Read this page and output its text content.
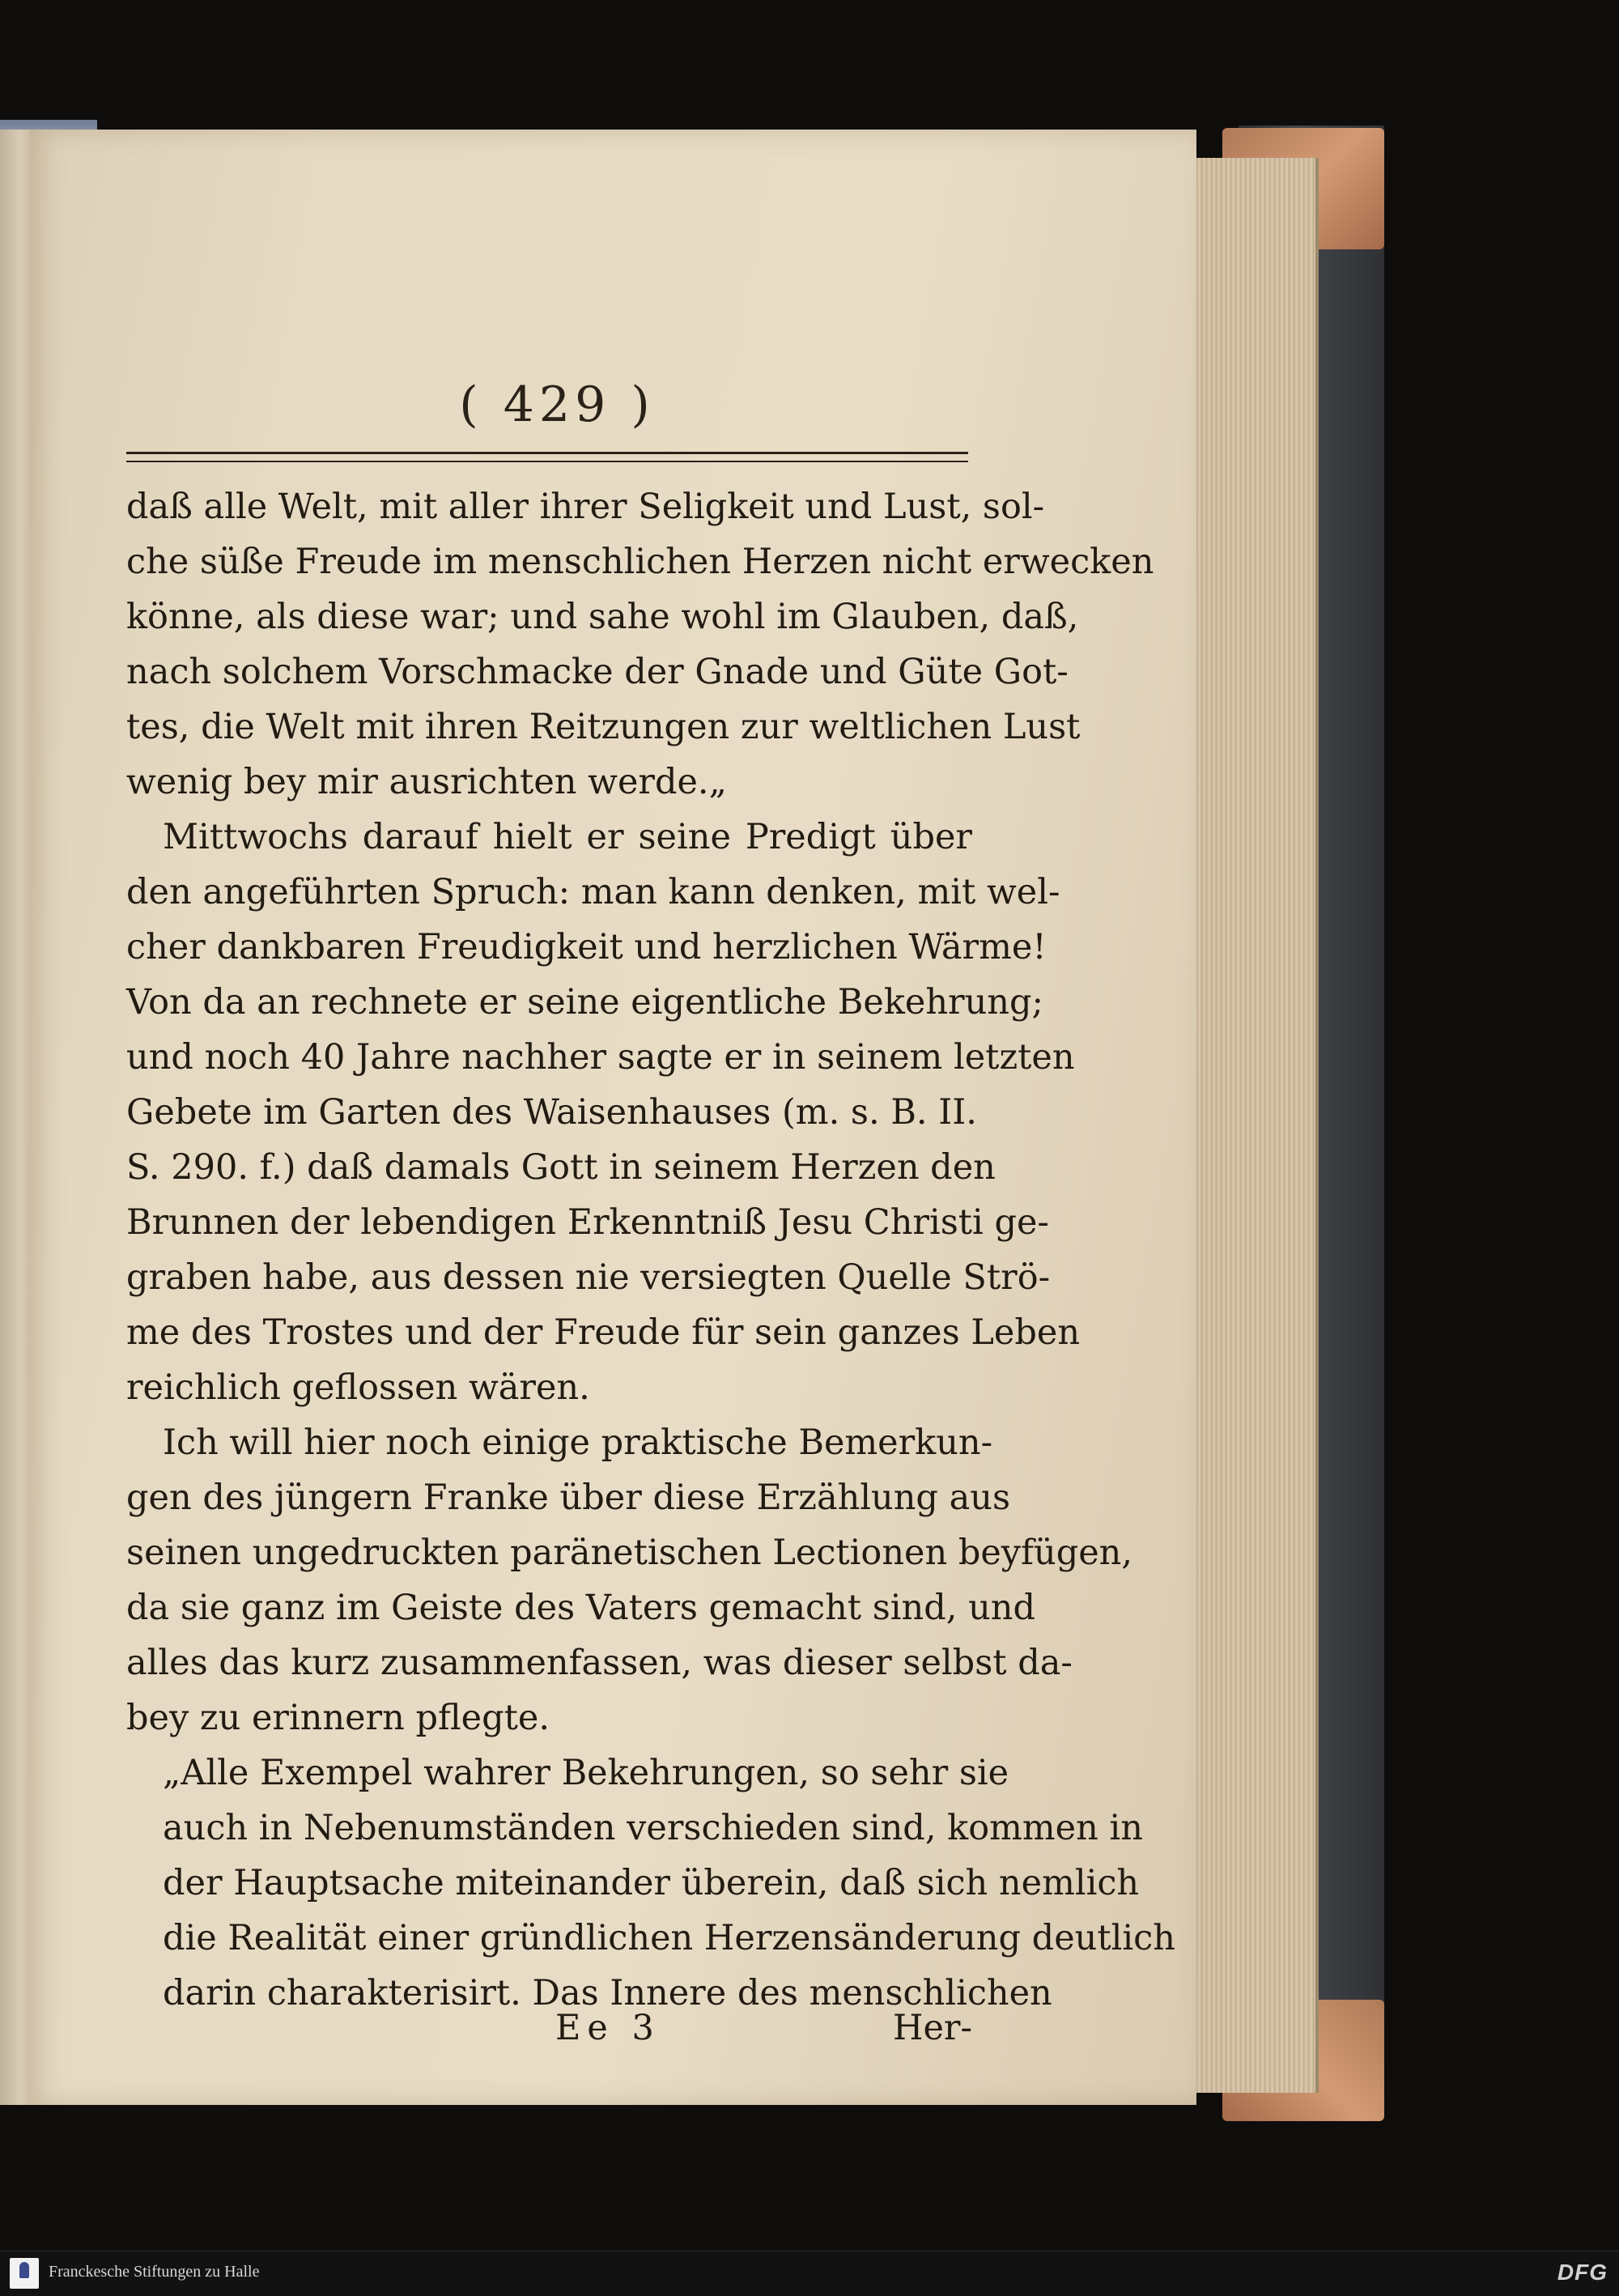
( 429 )
daß alle Welt, mit aller ihrer Seligkeit und Lust, sol-
che süße Freude im menschlichen Herzen nicht erwecken
könne, als diese war; und sahe wohl im Glauben, daß,
nach solchem Vorschmacke der Gnade und Güte Got-
tes, die Welt mit ihren Reitzungen zur weltlichen Lust
wenig bey mir ausrichten werde.„
Mittwochs darauf hielt er seine Predigt über
den angeführten Spruch: man kann denken, mit wel-
cher dankbaren Freudigkeit und herzlichen Wärme!
Von da an rechnete er seine eigentliche Bekehrung;
und noch 40 Jahre nachher sagte er in seinem letzten
Gebete im Garten des Waisenhauses (m. s. B. II.
S. 290. f.) daß damals Gott in seinem Herzen den
Brunnen der lebendigen Erkenntniß Jesu Christi ge-
graben habe, aus dessen nie versiegten Quelle Strö-
me des Trostes und der Freude für sein ganzes Leben
reichlich geflossen wären.
Ich will hier noch einige praktische Bemerkun-
gen des jüngern Franke über diese Erzählung aus
seinen ungedruckten paränetischen Lectionen beyfügen,
da sie ganz im Geiste des Vaters gemacht sind, und
alles das kurz zusammenfassen, was dieser selbst da-
bey zu erinnern pflegte.
„Alle Exempel wahrer Bekehrungen, so sehr sie
auch in Nebenumständen verschieden sind, kommen in
der Hauptsache miteinander überein, daß sich nemlich
die Realität einer gründlichen Herzensänderung deutlich
darin charakterisirt. Das Innere des menschlichen
Ee 3	Her-
Franckesche Stiftungen zu Halle	DFG
